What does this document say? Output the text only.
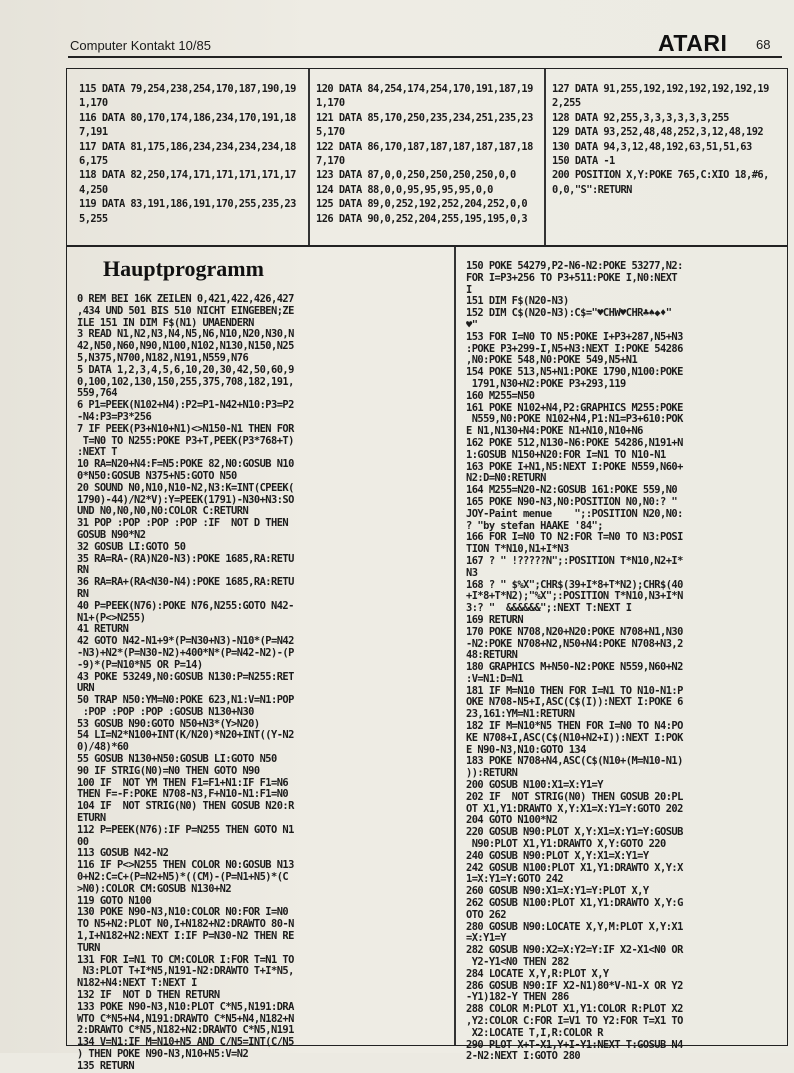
Computer Kontakt 10/85	ATARI 68
115 DATA 79,254,238,254,170,187,190,19
1,170
116 DATA 80,170,174,186,234,170,191,18
7,191
117 DATA 81,175,186,234,234,234,234,18
6,175
118 DATA 82,250,174,171,171,171,171,17
4,250
119 DATA 83,191,186,191,170,255,235,23
5,255
120 DATA 84,254,174,254,170,191,187,19
1,170
121 DATA 85,170,250,235,234,251,235,23
5,170
122 DATA 86,170,187,187,187,187,187,18
7,170
123 DATA 87,0,0,250,250,250,250,0,0
124 DATA 88,0,0,95,95,95,95,0,0
125 DATA 89,0,252,192,252,204,252,0,0
126 DATA 90,0,252,204,255,195,195,0,3
127 DATA 91,255,192,192,192,192,192,19
2,255
128 DATA 92,255,3,3,3,3,3,3,255
129 DATA 93,252,48,48,252,3,12,48,192
130 DATA 94,3,12,48,192,63,51,51,63
150 DATA -1
200 POSITION X,Y:POKE 765,C:XIO 18,#6,
0,0,"S":RETURN
Hauptprogramm
0 REM BEI 16K ZEILEN 0,421,422,426,427
,434 UND 501 BIS 510 NICHT EINGEBEN;ZE
ILE 151 IN DIM F$(N1) UMAENDERN
3 READ N1,N2,N3,N4,N5,N6,N10,N20,N30,N
42,N50,N60,N90,N100,N102,N130,N150,N25
5,N375,N700,N182,N191,N559,N76
5 DATA 1,2,3,4,5,6,10,20,30,42,50,60,9
0,100,102,130,150,255,375,708,182,191,
559,764
6 P1=PEEK(N102+N4):P2=P1-N42+N10:P3=P2
-N4:P3=P3*256
7 IF PEEK(P3+N10+N1)<>N150-N1 THEN FOR
T=N0 TO N255:POKE P3+T,PEEK(P3*768+T)
:NEXT T
10 RA=N20+N4:F=N5:POKE 82,N0:GOSUB N10
0*N50:GOSUB N375+N5:GOTO N50
20 SOUND N0,N10,N10-N2,N3:K=INT(CPEEK(
1790)-44)/N2*V):Y=PEEK(1791)-N30+N3:SO
UND N0,N0,N0,N0:COLOR C:RETURN
31 POP :POP :POP :POP :IF  NOT D THEN
GOSUB N90*N2
32 GOSUB LI:GOTO 50
35 RA=RA-(RA)N20-N3):POKE 1685,RA:RETU
RN
36 RA=RA+(RA<N30-N4):POKE 1685,RA:RETU
RN
40 P=PEEK(N76):POKE N76,N255:GOTO N42-
N1+(P<>N255)
41 RETURN
42 GOTO N42-N1+9*(P=N30+N3)-N10*(P=N42
-N3)+N2*(P=N30-N2)+400*N*(P=N42-N2)-(P
-9)*(P=N10*N5 OR P=14)
43 POKE 53249,N0:GOSUB N130:P=N255:RET
URN
50 TRAP N50:YM=N0:POKE 623,N1:V=N1:POP
:POP :POP :POP :GOSUB N130+N30
53 GOSUB N90:GOTO N50+N3*(Y>N20)
54 LI=N2*N100+INT(K/N20)*N20+INT((Y-N2
0)/48)*60
55 GOSUB N130+N50:GOSUB LI:GOTO N50
90 IF STRIG(N0)=N0 THEN GOTO N90
100 IF  NOT YM THEN F1=F1+N1:IF F1=N6
THEN F=-F:POKE N708-N3,F+N10-N1:F1=N0
104 IF  NOT STRIG(N0) THEN GOSUB N20:R
ETURN
112 P=PEEK(N76):IF P=N255 THEN GOTO N1
00
113 GOSUB N42-N2
116 IF P<>N255 THEN COLOR N0:GOSUB N13
0+N2:C=C+(P=N2+N5)*((CM)-(P=N1+N5)*(C
>N0):COLOR CM:GOSUB N130+N2
119 GOTO N100
130 POKE N90-N3,N10:COLOR N0:FOR I=N0
TO N5+N2:PLOT N0,I+N182+N2:DRAWTO 80-N
1,I+N182+N2:NEXT I:IF P=N30-N2 THEN RE
TURN
131 FOR I=N1 TO CM:COLOR I:FOR T=N1 TO
N3:PLOT T+I*N5,N191-N2:DRAWTO T+I*N5,
N182+N4:NEXT T:NEXT I
132 IF  NOT D THEN RETURN
133 POKE N90-N3,N10:PLOT C*N5,N191:DRA
WTO C*N5+N4,N191:DRAWTO C*N5+N4,N182+N
2:DRAWTO C*N5,N182+N2:DRAWTO C*N5,N191
134 V=N1:IF M=N10+N5 AND C/N5=INT(C/N5
) THEN POKE N90-N3,N10+N5:V=N2
135 RETURN
150 POKE 54279,P2-N6-N2:POKE 53277,N2:
FOR I=P3+256 TO P3+511:POKE I,N0:NEXT
I
151 DIM F$(N20-N3)
152 DIM C$(N20-N3):C$="♥CHW♥CHR♣♠◆♦"
♥"
153 FOR I=N0 TO N5:POKE I+P3+287,N5+N3
:POKE P3+299-I,N5+N3:NEXT I:POKE 54286
,N0:POKE 548,N0:POKE 549,N5+N1
154 POKE 513,N5+N1:POKE 1790,N100:POKE
1791,N30+N2:POKE P3+293,119
160 M255=N50
161 POKE N102+N4,P2:GRAPHICS M255:POKE
N559,N0:POKE N102+N4,P1:N1=P3+610:POK
E N1,N130+N4:POKE N1+N10,N10+N6
162 POKE 512,N130-N6:POKE 54286,N191+N
1:GOSUB N150+N20:FOR I=N1 TO N10-N1
163 POKE I+N1,N5:NEXT I:POKE N559,N60+
N2:D=N0:RETURN
164 M255=N20-N2:GOSUB 161:POKE 559,N0
165 POKE N90-N3,N0:POSITION N0,N0:? "
JOY-Paint menue    ";:POSITION N20,N0:
? "by stefan HAAKE '84";
166 FOR I=N0 TO N2:FOR T=N0 TO N3:POSI
TION T*N10,N1+I*N3
167 ? " !?????N";:POSITION T*N10,N2+I*
N3
168 ? " $%X";CHR$(39+I*8+T*N2);CHR$(40
+I*8+T*N2);"%X";:POSITION T*N10,N3+I*N
3:? "  &&&&&&";:NEXT T:NEXT I
169 RETURN
170 POKE N708,N20+N20:POKE N708+N1,N30
-N2:POKE N708+N2,N50+N4:POKE N708+N3,2
48:RETURN
180 GRAPHICS M+N50-N2:POKE N559,N60+N2
:V=N1:D=N1
181 IF M=N10 THEN FOR I=N1 TO N10-N1:P
OKE N708-N5+I,ASC(C$(I)):NEXT I:POKE 6
23,161:YM=N1:RETURN
182 IF M=N10*N5 THEN FOR I=N0 TO N4:PO
KE N708+I,ASC(C$(N10+N2+I)):NEXT I:POK
E N90-N3,N10:GOTO 134
183 POKE N708+N4,ASC(C$(N10+(M=N10-N1)
)):RETURN
200 GOSUB N100:X1=X:Y1=Y
202 IF  NOT STRIG(N0) THEN GOSUB 20:PL
OT X1,Y1:DRAWTO X,Y:X1=X:Y1=Y:GOTO 202
204 GOTO N100*N2
220 GOSUB N90:PLOT X,Y:X1=X:Y1=Y:GOSUB
N90:PLOT X1,Y1:DRAWTO X,Y:GOTO 220
240 GOSUB N90:PLOT X,Y:X1=X:Y1=Y
242 GOSUB N100:PLOT X1,Y1:DRAWTO X,Y:X
1=X:Y1=Y:GOTO 242
260 GOSUB N90:X1=X:Y1=Y:PLOT X,Y
262 GOSUB N100:PLOT X1,Y1:DRAWTO X,Y:G
OTO 262
280 GOSUB N90:LOCATE X,Y,M:PLOT X,Y:X1
=X:Y1=Y
282 GOSUB N90:X2=X:Y2=Y:IF X2-X1<N0 OR
Y2-Y1<N0 THEN 282
284 LOCATE X,Y,R:PLOT X,Y
286 GOSUB N90:IF X2-N1)80*V-N1-X OR Y2
-Y1)182-Y THEN 286
288 COLOR M:PLOT X1,Y1:COLOR R:PLOT X2
,Y2:COLOR C:FOR I=V1 TO Y2:FOR T=X1 TO
X2:LOCATE T,I,R:COLOR R
290 PLOT X+T-X1,Y+I-Y1:NEXT T:GOSUB N4
2-N2:NEXT I:GOTO 280
